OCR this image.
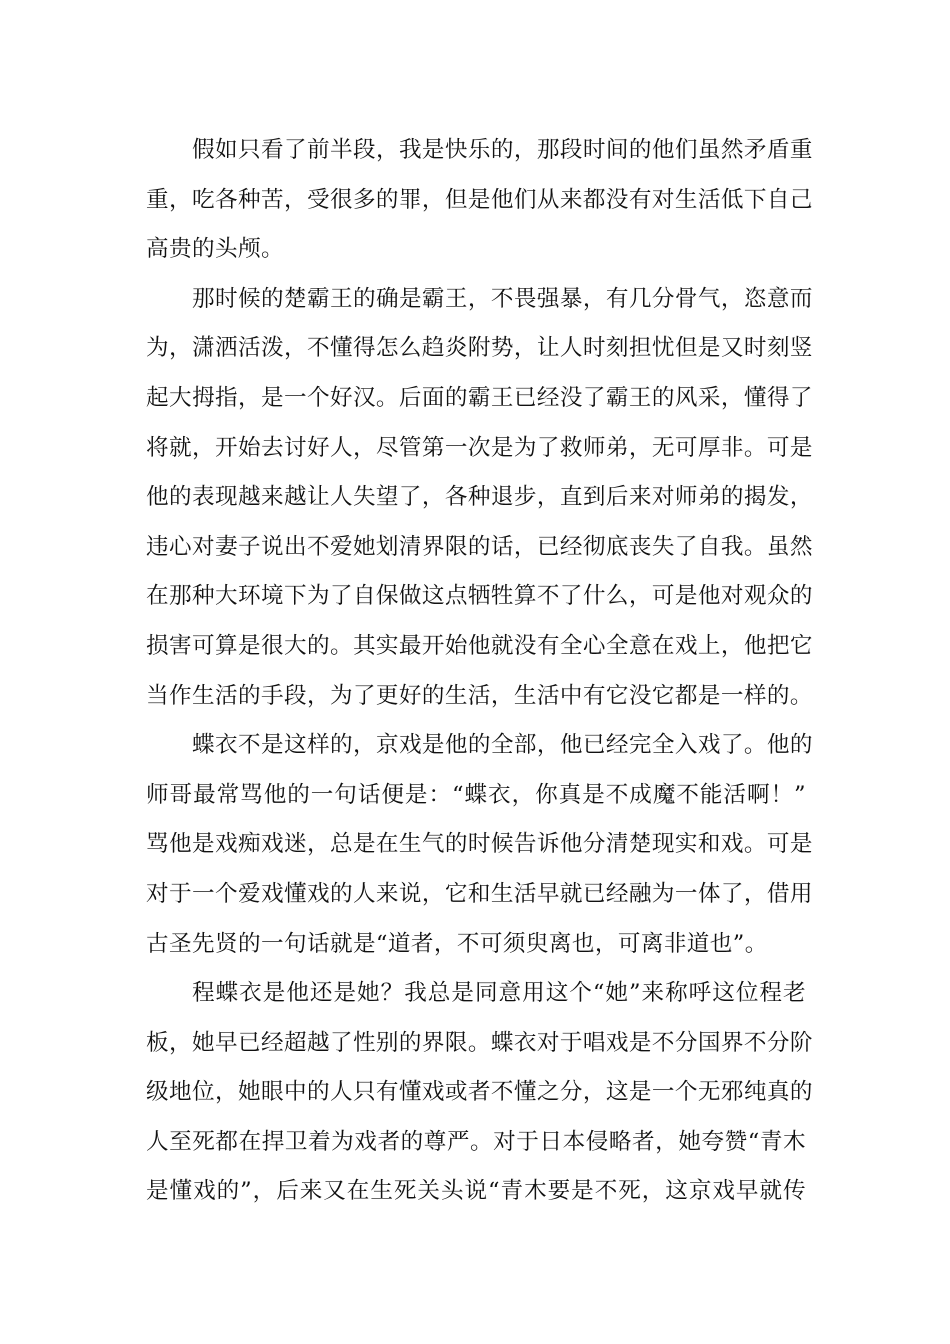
假如只看了前半段，我是快乐的，那段时间的他们虽然矛盾重
重，吃各种苦，受很多的罪，但是他们从来都没有对生活低下自己
高贵的头颅。
那时候的楚霸王的确是霸王，不畏强暴，有几分骨气，恣意而
为，潇洒活泼，不懂得怎么趋炎附势，让人时刻担忧但是又时刻竖
起大拇指，是一个好汉。后面的霸王已经没了霸王的风采，懂得了
将就，开始去讨好人，尽管第一次是为了救师弟，无可厚非。可是
他的表现越来越让人失望了，各种退步，直到后来对师弟的揭发，
违心对妻子说出不爱她划清界限的话，已经彻底丧失了自我。虽然
在那种大环境下为了自保做这点牺牲算不了什么，可是他对观众的
损害可算是很大的。其实最开始他就没有全心全意在戏上，他把它
当作生活的手段，为了更好的生活，生活中有它没它都是一样的。
蝶衣不是这样的，京戏是他的全部，他已经完全入戏了。他的
师哥最常骂他的一句话便是：“蝶衣，你真是不成魔不能活啊！”
骂他是戏痴戏迷，总是在生气的时候告诉他分清楚现实和戏。可是
对于一个爱戏懂戏的人来说，它和生活早就已经融为一体了，借用
古圣先贤的一句话就是“道者，不可须臾离也，可离非道也”。
程蝶衣是他还是她？我总是同意用这个“她”来称呼这位程老
板，她早已经超越了性别的界限。蝶衣对于唱戏是不分国界不分阶
级地位，她眼中的人只有懂戏或者不懂之分，这是一个无邪纯真的
人至死都在捍卫着为戏者的尊严。对于日本侵略者，她夸赞“青木
是懂戏的”，后来又在生死关头说“青木要是不死，这京戏早就传
